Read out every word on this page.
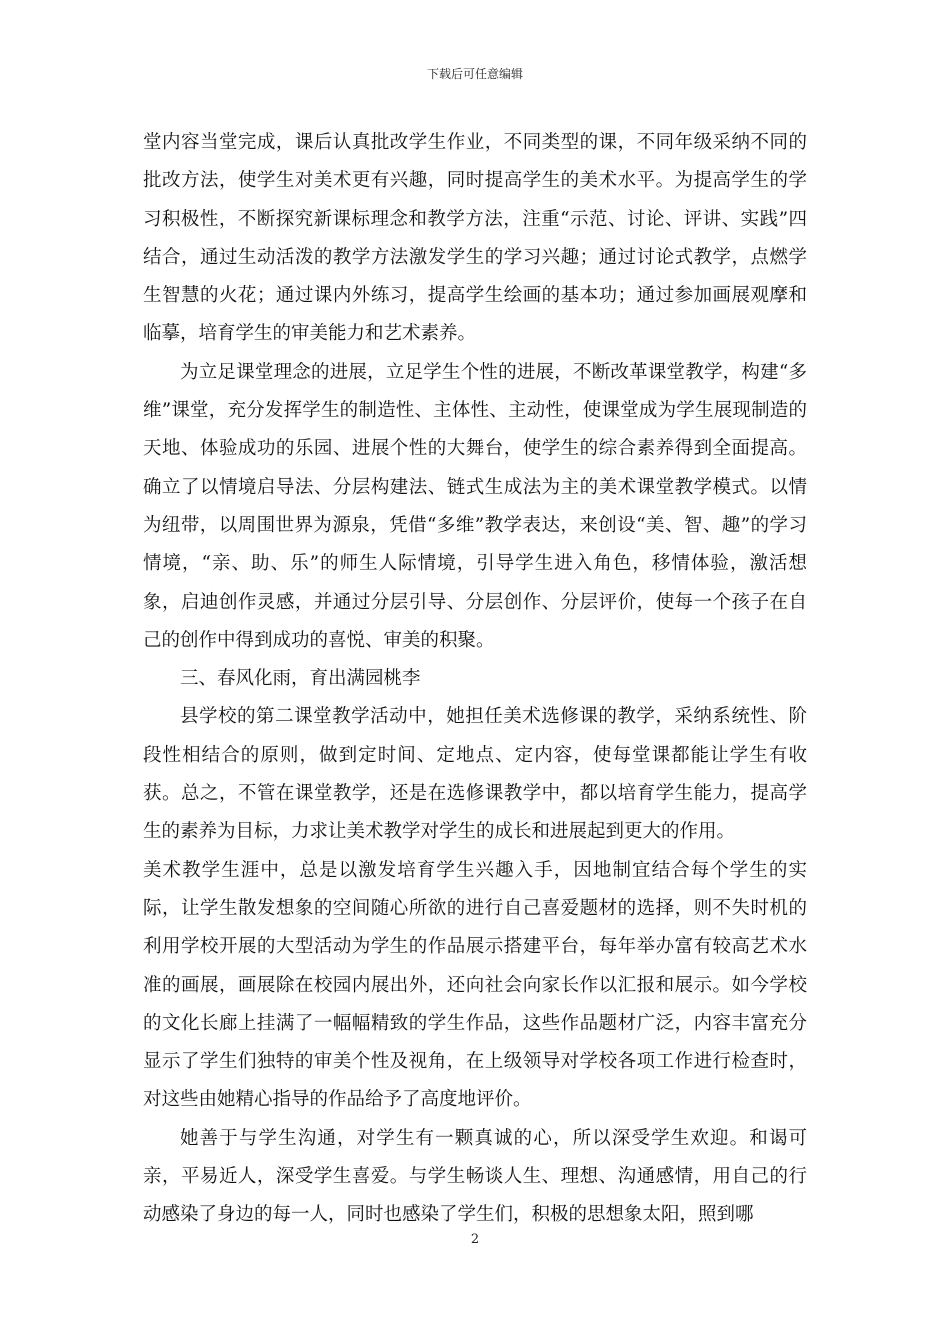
下载后可任意编辑

堂内容当堂完成，课后认真批改学生作业，不同类型的课，不同年级采纳不同的批改方法，使学生对美术更有兴趣，同时提高学生的美术水平。为提高学生的学习积极性，不断探究新课标理念和教学方法，注重“示范、讨论、评讲、实践”四结合，通过生动活泼的教学方法激发学生的学习兴趣；通过讨论式教学，点燃学生智慧的火花；通过课内外练习，提高学生绘画的基本功；通过参加画展观摩和临摹，培育学生的审美能力和艺术素养。

为立足课堂理念的进展，立足学生个性的进展，不断改革课堂教学，构建“多维”课堂，充分发挥学生的制造性、主体性、主动性，使课堂成为学生展现制造的天地、体验成功的乐园、进展个性的大舞台，使学生的综合素养得到全面提高。确立了以情境启导法、分层构建法、链式生成法为主的美术课堂教学模式。以情为纽带，以周围世界为源泉，凭借“多维”教学表达，来创设“美、智、趣”的学习情境，“亲、助、乐”的师生人际情境，引导学生进入角色，移情体验，激活想象，启迪创作灵感，并通过分层引导、分层创作、分层评价，使每一个孩子在自己的创作中得到成功的喜悦、审美的积聚。

三、春风化雨，育出满园桃李

县学校的第二课堂教学活动中，她担任美术选修课的教学，采纳系统性、阶段性相结合的原则，做到定时间、定地点、定内容，使每堂课都能让学生有收获。总之，不管在课堂教学，还是在选修课教学中，都以培育学生能力，提高学生的素养为目标，力求让美术教学对学生的成长和进展起到更大的作用。

美术教学生涯中，总是以激发培育学生兴趣入手，因地制宜结合每个学生的实际，让学生散发想象的空间随心所欲的进行自己喜爱题材的选择，则不失时机的利用学校开展的大型活动为学生的作品展示搭建平台，每年举办富有较高艺术水准的画展，画展除在校园内展出外，还向社会向家长作以汇报和展示。如今学校的文化长廊上挂满了一幅幅精致的学生作品，这些作品题材广泛，内容丰富充分显示了学生们独特的审美个性及视角，在上级领导对学校各项工作进行检查时，对这些由她精心指导的作品给予了高度地评价。

她善于与学生沟通，对学生有一颗真诚的心，所以深受学生欢迎。和谒可亲，平易近人，深受学生喜爱。与学生畅谈人生、理想、沟通感情，用自己的行动感染了身边的每一人，同时也感染了学生们，积极的思想象太阳，照到哪

2
